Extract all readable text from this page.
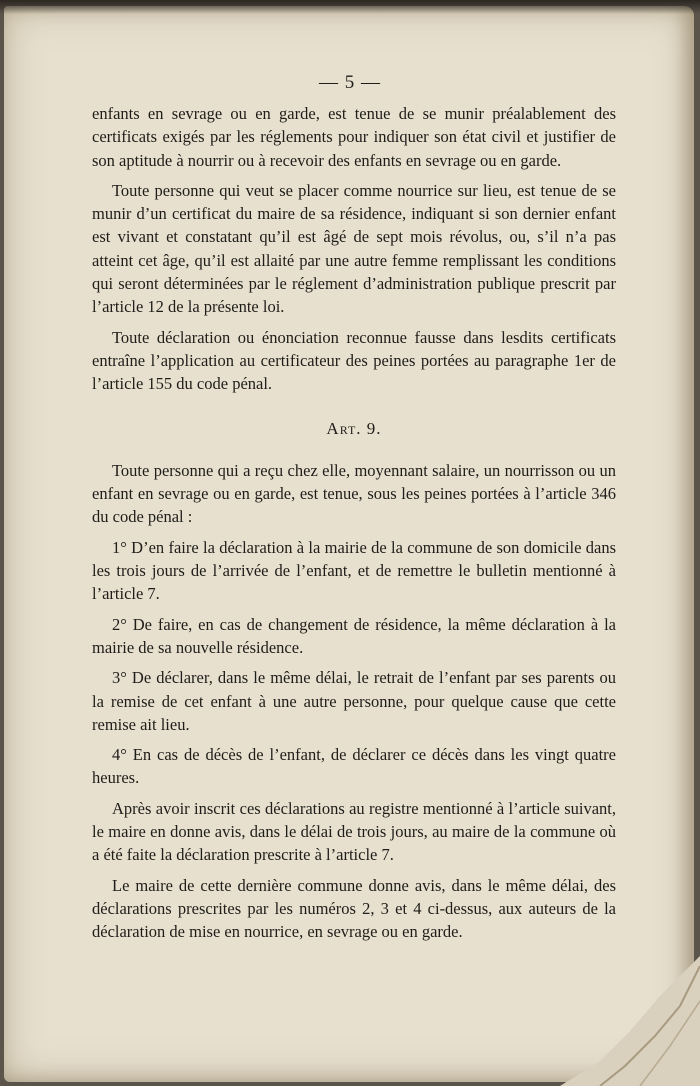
— 5 —

enfants en sevrage ou en garde, est tenue de se munir préalablement des certificats exigés par les réglements pour indiquer son état civil et justifier de son aptitude à nourrir ou à recevoir des enfants en sevrage ou en garde.

Toute personne qui veut se placer comme nourrice sur lieu, est tenue de se munir d’un certificat du maire de sa résidence, indiquant si son dernier enfant est vivant et constatant qu’il est âgé de sept mois révolus, ou, s’il n’a pas atteint cet âge, qu’il est allaité par une autre femme remplissant les conditions qui seront déterminées par le réglement d’administration publique prescrit par l’article 12 de la présente loi.

Toute déclaration ou énonciation reconnue fausse dans lesdits certificats entraîne l’application au certificateur des peines portées au paragraphe 1er de l’article 155 du code pénal.

Art. 9.

Toute personne qui a reçu chez elle, moyennant salaire, un nourrisson ou un enfant en sevrage ou en garde, est tenue, sous les peines portées à l’article 346 du code pénal :

1° D’en faire la déclaration à la mairie de la commune de son domicile dans les trois jours de l’arrivée de l’enfant, et de remettre le bulletin mentionné à l’article 7.

2° De faire, en cas de changement de résidence, la même déclaration à la mairie de sa nouvelle résidence.

3° De déclarer, dans le même délai, le retrait de l’enfant par ses parents ou la remise de cet enfant à une autre personne, pour quelque cause que cette remise ait lieu.

4° En cas de décès de l’enfant, de déclarer ce décès dans les vingt quatre heures.

Après avoir inscrit ces déclarations au registre mentionné à l’article suivant, le maire en donne avis, dans le délai de trois jours, au maire de la commune où a été faite la déclaration prescrite à l’article 7.

Le maire de cette dernière commune donne avis, dans le même délai, des déclarations prescrites par les numéros 2, 3 et 4 ci-dessus, aux auteurs de la déclaration de mise en nourrice, en sevrage ou en garde.
